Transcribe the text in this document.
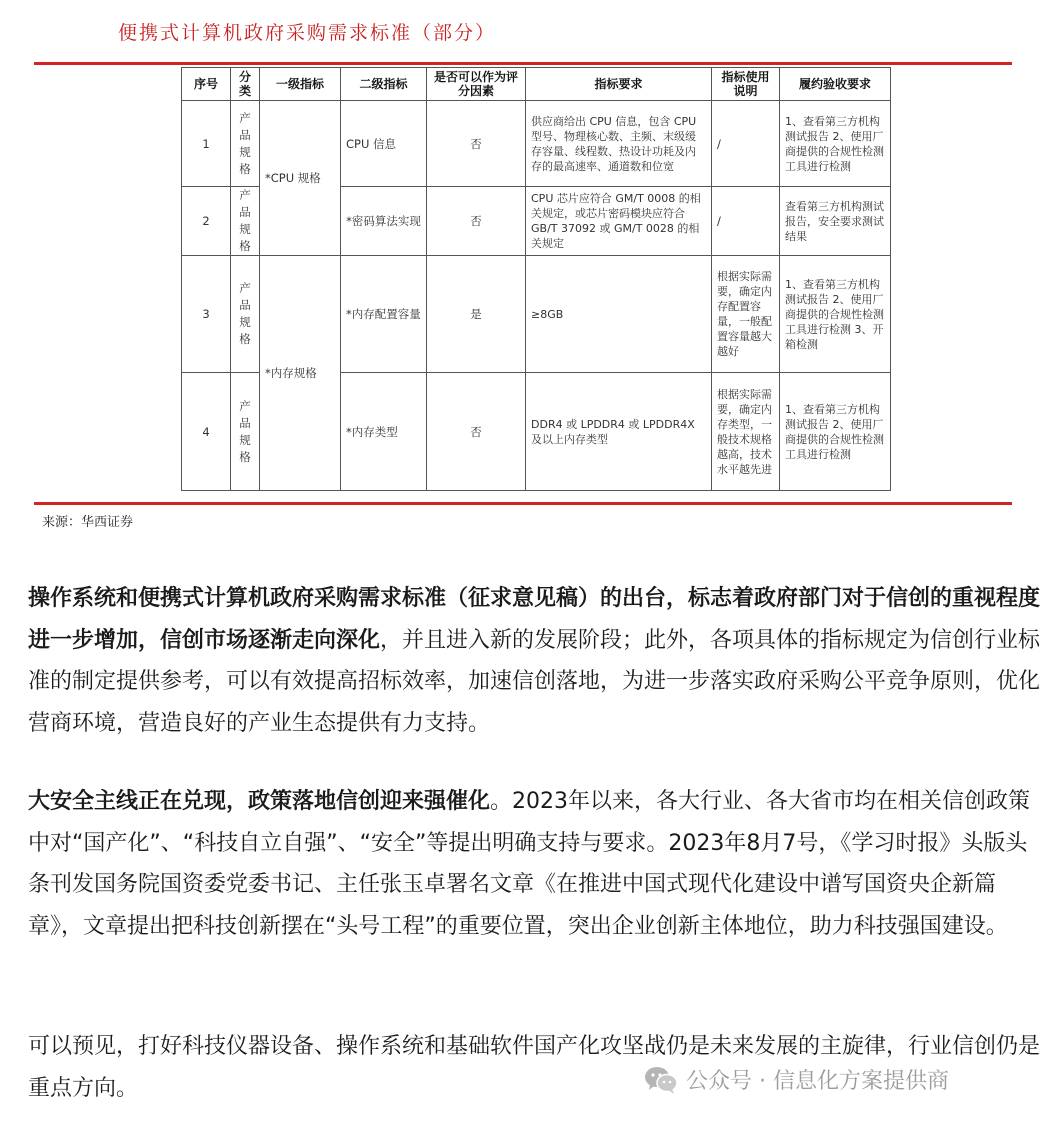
便携式计算机政府采购需求标准（部分）
序号	分类	一级指标	二级指标	是否可以作为评分因素	指标要求	指标使用说明	履约验收要求
1	产品规格	*CPU 规格	CPU 信息	否	供应商给出 CPU 信息，包含 CPU 型号、物理核心数、主频、末级缓存容量、线程数、热设计功耗及内存的最高速率、通道数和位宽	/	1、查看第三方机构测试报告 2、使用厂商提供的合规性检测工具进行检测
2	产品规格		*密码算法实现	否	CPU 芯片应符合 GM/T 0008 的相关规定，或芯片密码模块应符合 GB/T 37092 或 GM/T 0028 的相关规定	/	查看第三方机构测试报告，安全要求测试结果
3	产品规格	*内存规格	*内存配置容量	是	≥8GB	根据实际需要，确定内存配置容量，一般配置容量越大越好	1、查看第三方机构测试报告 2、使用厂商提供的合规性检测工具进行检测 3、开箱检测
4	产品规格		*内存类型	否	DDR4 或 LPDDR4 或 LPDDR4X 及以上内存类型	根据实际需要，确定内存类型，一般技术规格越高，技术水平越先进	1、查看第三方机构测试报告 2、使用厂商提供的合规性检测工具进行检测
来源：华西证券

操作系统和便携式计算机政府采购需求标准（征求意见稿）的出台，标志着政府部门对于信创的重视程度进一步增加，信创市场逐渐走向深化，并且进入新的发展阶段；此外，各项具体的指标规定为信创行业标准的制定提供参考，可以有效提高招标效率，加速信创落地，为进一步落实政府采购公平竞争原则，优化营商环境，营造良好的产业生态提供有力支持。

大安全主线正在兑现，政策落地信创迎来强催化。2023年以来，各大行业、各大省市均在相关信创政策中对“国产化”、“科技自立自强”、“安全”等提出明确支持与要求。2023年8月7号，《学习时报》头版头条刊发国务院国资委党委书记、主任张玉卓署名文章《在推进中国式现代化建设中谱写国资央企新篇章》，文章提出把科技创新摆在“头号工程”的重要位置，突出企业创新主体地位，助力科技强国建设。

可以预见，打好科技仪器设备、操作系统和基础软件国产化攻坚战仍是未来发展的主旋律，行业信创仍是重点方向。	公众号 · 信息化方案提供商
